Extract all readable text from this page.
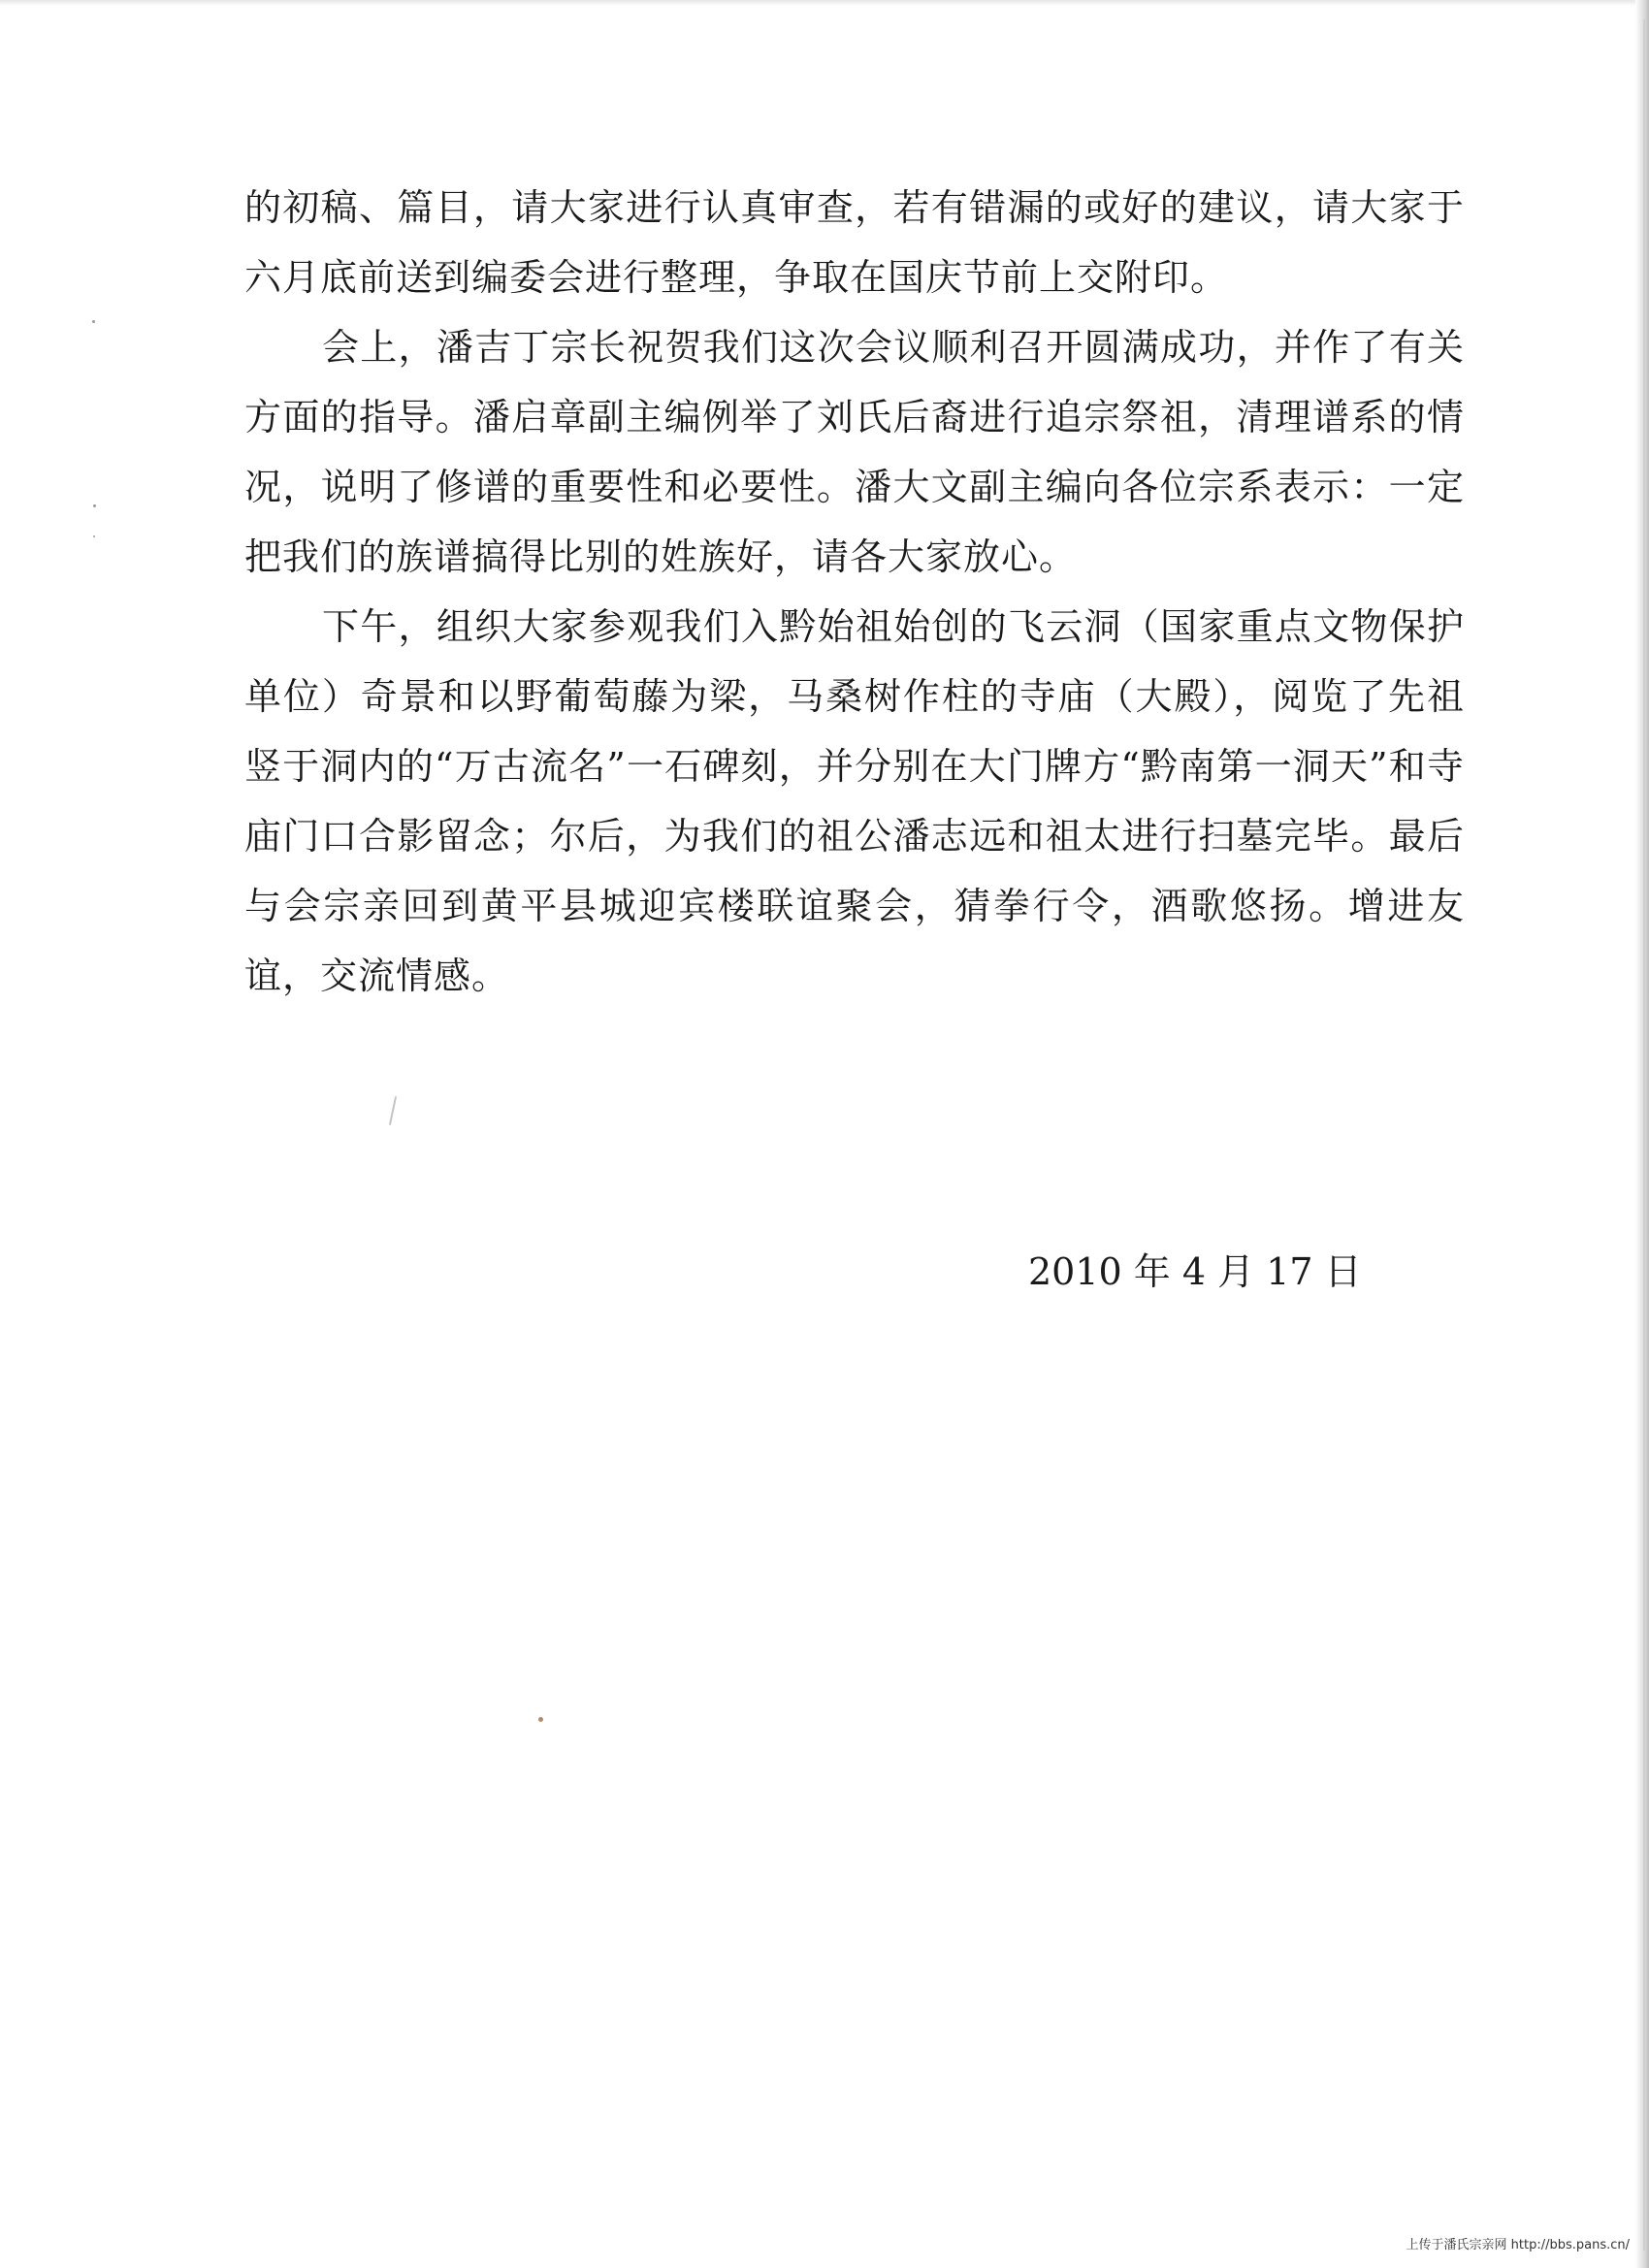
的初稿、篇目，请大家进行认真审查，若有错漏的或好的建议，请大家于六月底前送到编委会进行整理，争取在国庆节前上交附印。

会上，潘吉丁宗长祝贺我们这次会议顺利召开圆满成功，并作了有关方面的指导。潘启章副主编例举了刘氏后裔进行追宗祭祖，清理谱系的情况，说明了修谱的重要性和必要性。潘大文副主编向各位宗系表示：一定把我们的族谱搞得比别的姓族好，请各大家放心。

下午，组织大家参观我们入黔始祖始创的飞云洞（国家重点文物保护单位）奇景和以野葡萄藤为梁，马桑树作柱的寺庙（大殿），阅览了先祖竖于洞内的“万古流名”一石碑刻，并分别在大门牌方“黔南第一洞天”和寺庙门口合影留念；尔后，为我们的祖公潘志远和祖太进行扫墓完毕。最后与会宗亲回到黄平县城迎宾楼联谊聚会，猜拳行令，酒歌悠扬。增进友谊，交流情感。

2010 年 4 月 17 日
上传于潘氏宗亲网 http://bbs.pans.cn/
